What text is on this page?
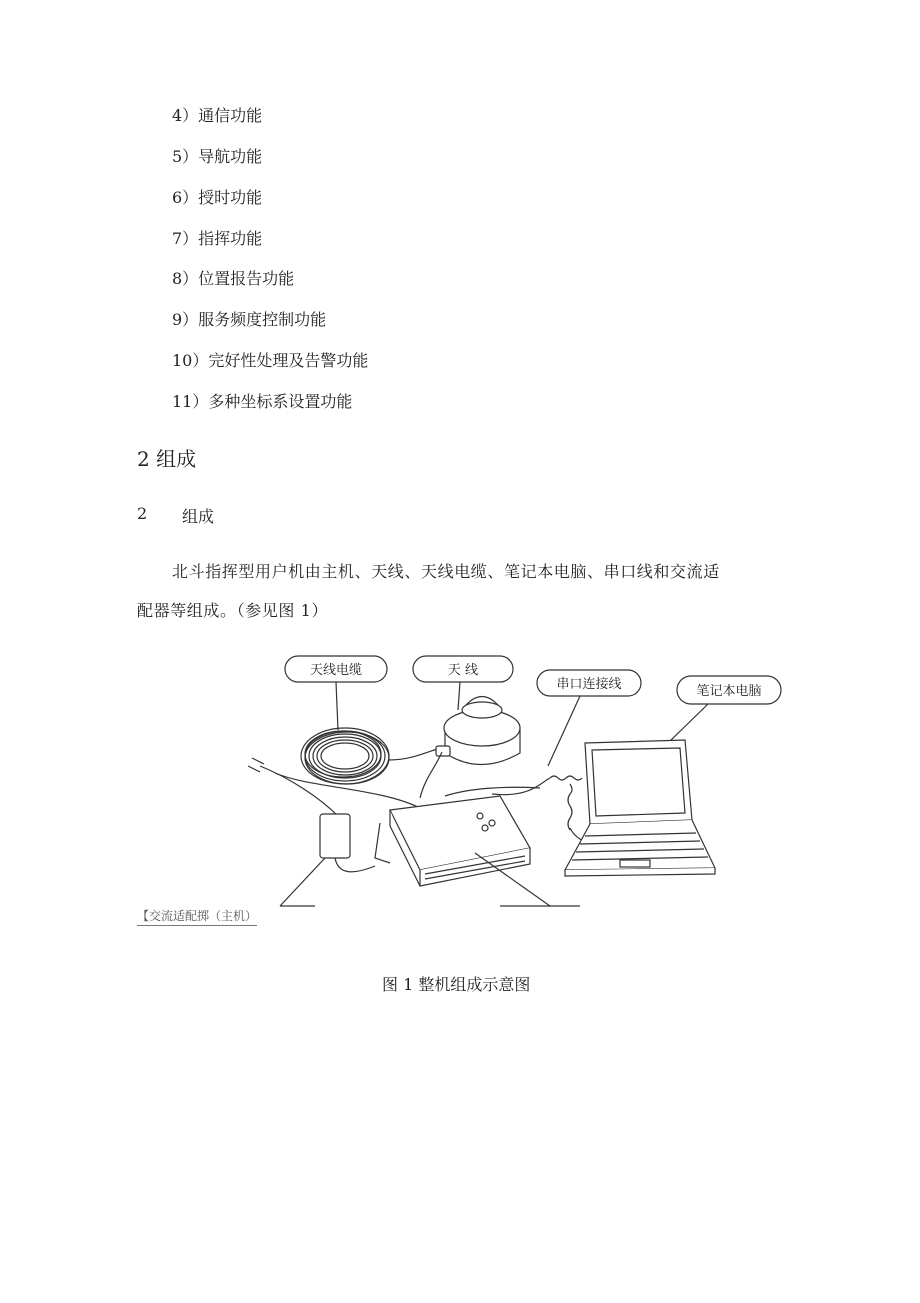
4）通信功能
5）导航功能
6）授时功能
7）指挥功能
8）位置报告功能
9）服务频度控制功能
10）完好性处理及告警功能
11）多种坐标系设置功能
2 组成
2 组成
北斗指挥型用户机由主机、天线、天线电缆、笔记本电脑、串口线和交流适
配器等组成。（参见图 1）
天线电缆	天 线
串口连接线	笔记本电脑
【交流适配掷（主机）
图 1 整机组成示意图
